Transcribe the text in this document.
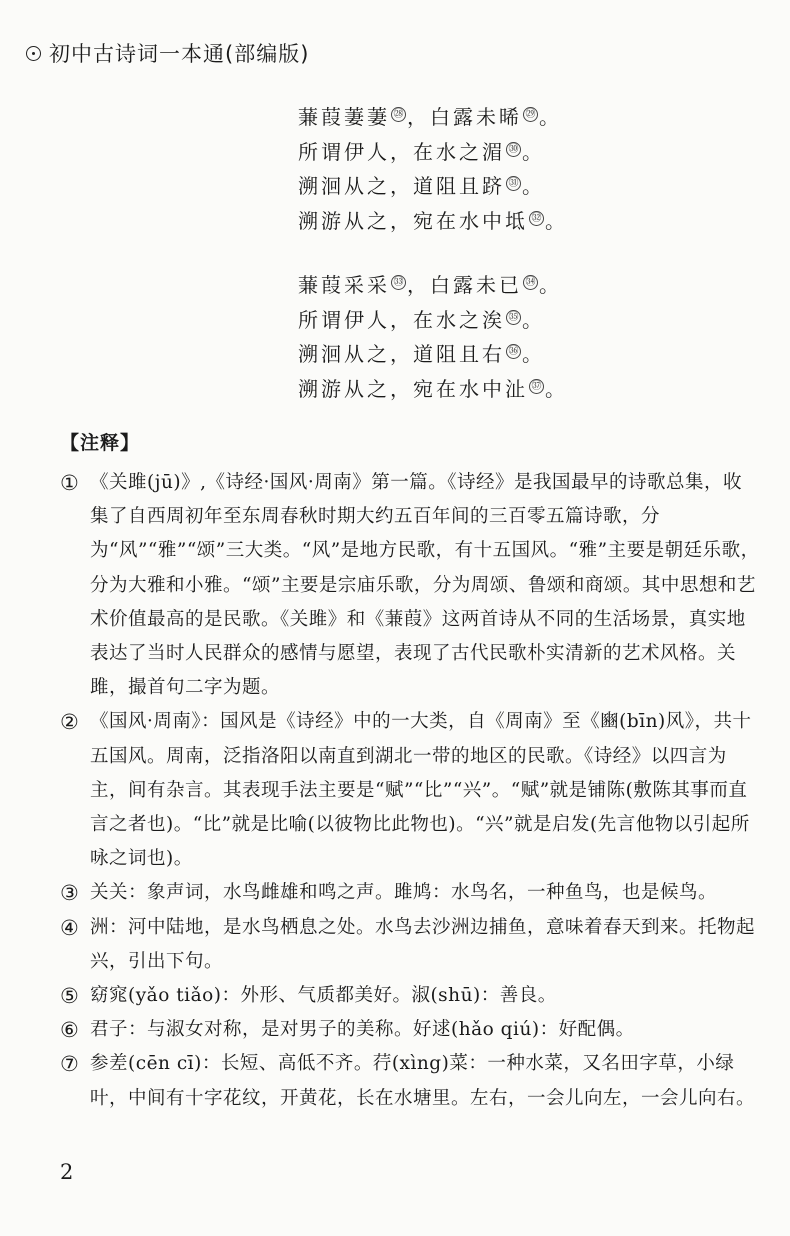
初中古诗词一本通(部编版)
蒹葭萋萋 ㉘ ，白露未晞 ㉙ 。
所谓伊人，在水之湄 ㉚ 。
溯洄从之，道阻且跻 ㉛ 。
溯游从之，宛在水中坻 ㉜ 。
蒹葭采采 ㉝ ，白露未已 ㉞ 。
所谓伊人，在水之涘 ㉟ 。
溯洄从之，道阻且右 ㊱ 。
溯游从之，宛在水中沚 ㊲ 。
【注释】
① 《关雎(jū)》,《诗经·国风·周南》第一篇。《诗经》是我国最早的诗歌总集，收集了自西周初年至东周春秋时期大约五百年间的三百零五篇诗歌，分为“风”“雅”“颂”三大类。“风”是地方民歌，有十五国风。“雅”主要是朝廷乐歌，分为大雅和小雅。“颂”主要是宗庙乐歌，分为周颂、鲁颂和商颂。其中思想和艺术价值最高的是民歌。《关雎》和《蒹葭》这两首诗从不同的生活场景，真实地表达了当时人民群众的感情与愿望，表现了古代民歌朴实清新的艺术风格。关雎，撮首句二字为题。
② 《国风·周南》：国风是《诗经》中的一大类，自《周南》至《豳(bīn)风》，共十五国风。周南，泛指洛阳以南直到湖北一带的地区的民歌。《诗经》以四言为主，间有杂言。其表现手法主要是“赋”“比”“兴”。“赋”就是铺陈(敷陈其事而直言之者也)。“比”就是比喻(以彼物比此物也)。“兴”就是启发(先言他物以引起所咏之词也)。
③ 关关：象声词，水鸟雌雄和鸣之声。雎鸠：水鸟名，一种鱼鸟，也是候鸟。
④ 洲：河中陆地，是水鸟栖息之处。水鸟去沙洲边捕鱼，意味着春天到来。托物起兴，引出下句。
⑤ 窈窕(yǎo tiǎo)：外形、气质都美好。淑(shū)：善良。
⑥ 君子：与淑女对称，是对男子的美称。好逑(hǎo qiú)：好配偶。
⑦ 参差(cēn cī)：长短、高低不齐。荇(xìng)菜：一种水菜，又名田字草，小绿叶，中间有十字花纹，开黄花，长在水塘里。左右，一会儿向左，一会儿向右。
2
